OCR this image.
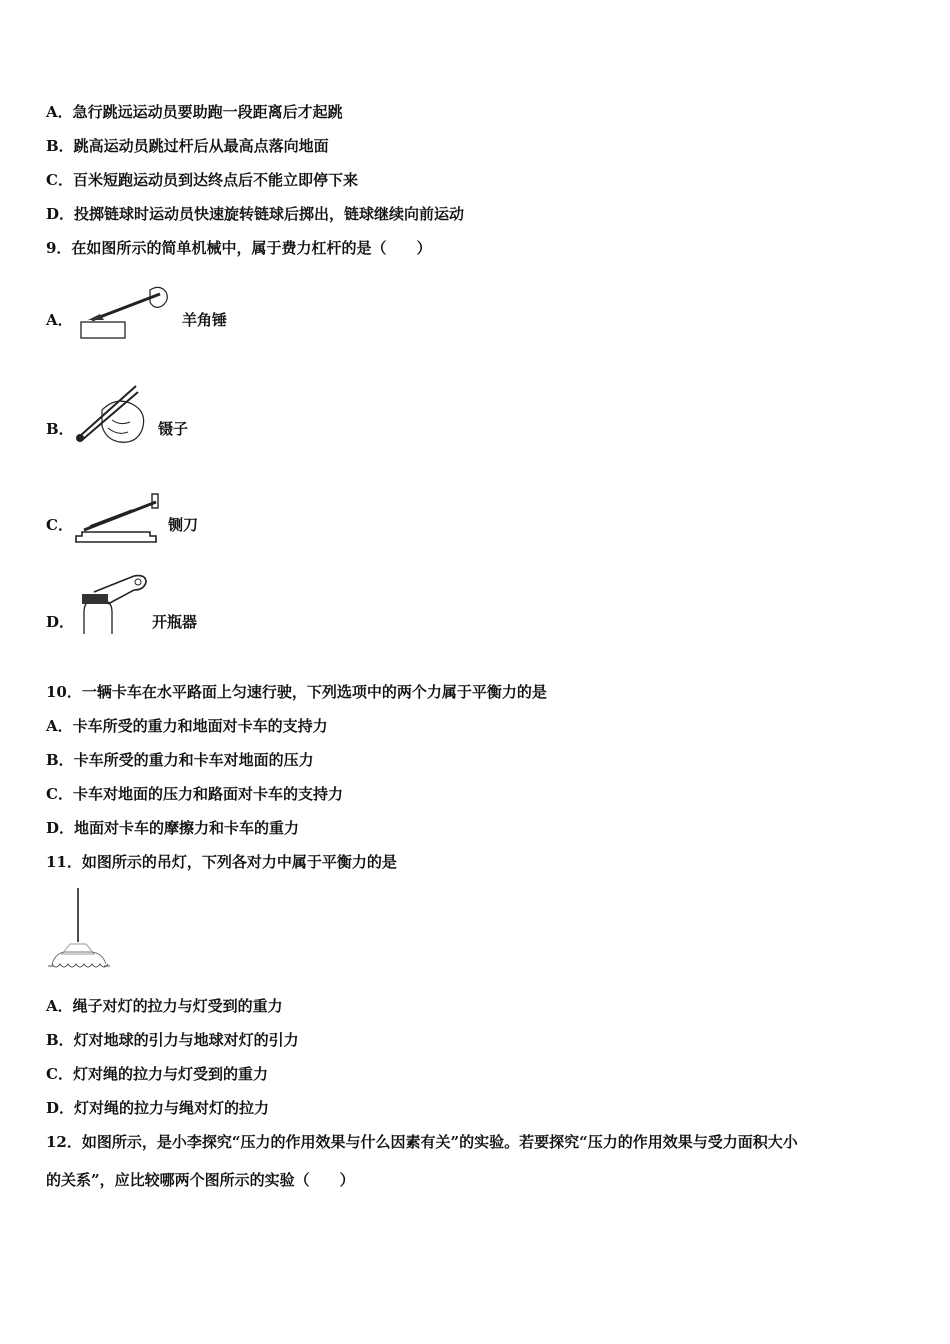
A．急行跳远运动员要助跑一段距离后才起跳
B．跳高运动员跳过杆后从最高点落向地面
C．百米短跑运动员到达终点后不能立即停下来
D．投掷链球时运动员快速旋转链球后掷出，链球继续向前运动
9．在如图所示的简单机械中，属于费力杠杆的是（　　）
A．	羊角锤
B．	镊子
C．	铡刀
D．	开瓶器
10．一辆卡车在水平路面上匀速行驶，下列选项中的两个力属于平衡力的是
A．卡车所受的重力和地面对卡车的支持力
B．卡车所受的重力和卡车对地面的压力
C．卡车对地面的压力和路面对卡车的支持力
D．地面对卡车的摩擦力和卡车的重力
11．如图所示的吊灯，下列各对力中属于平衡力的是
A．绳子对灯的拉力与灯受到的重力
B．灯对地球的引力与地球对灯的引力
C．灯对绳的拉力与灯受到的重力
D．灯对绳的拉力与绳对灯的拉力
12．如图所示，是小李探究“压力的作用效果与什么因素有关”的实验。若要探究“压力的作用效果与受力面积大小
的关系”，应比较哪两个图所示的实验（　　）
